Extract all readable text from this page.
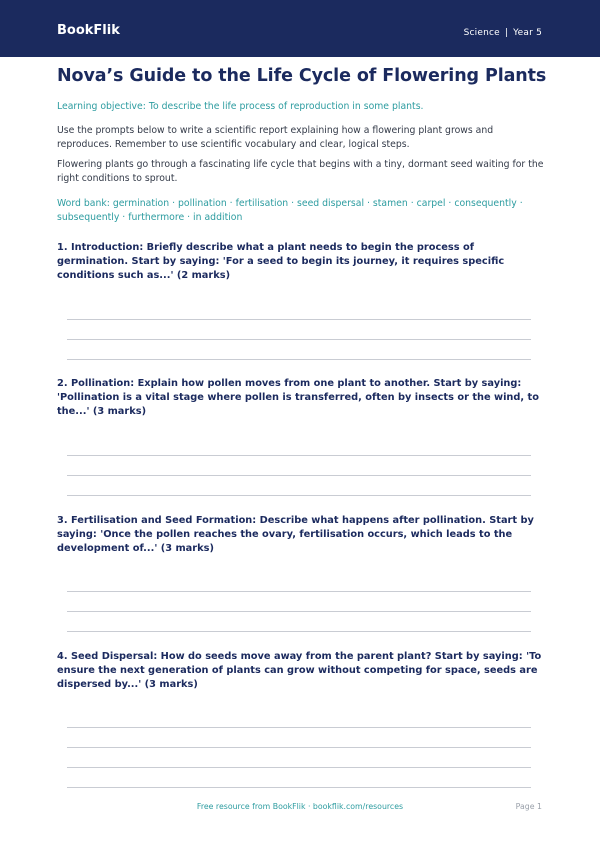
BookFlik	Science | Year 5
Nova’s Guide to the Life Cycle of Flowering Plants

Learning objective: To describe the life process of reproduction in some plants.

Use the prompts below to write a scientific report explaining how a flowering plant grows and reproduces. Remember to use scientific vocabulary and clear, logical steps.

Flowering plants go through a fascinating life cycle that begins with a tiny, dormant seed waiting for the right conditions to sprout.

Word bank: germination · pollination · fertilisation · seed dispersal · stamen · carpel · consequently · subsequently · furthermore · in addition

1. Introduction: Briefly describe what a plant needs to begin the process of germination. Start by saying: 'For a seed to begin its journey, it requires specific conditions such as...' (2 marks)

2. Pollination: Explain how pollen moves from one plant to another. Start by saying: 'Pollination is a vital stage where pollen is transferred, often by insects or the wind, to the...' (3 marks)

3. Fertilisation and Seed Formation: Describe what happens after pollination. Start by saying: 'Once the pollen reaches the ovary, fertilisation occurs, which leads to the development of...' (3 marks)

4. Seed Dispersal: How do seeds move away from the parent plant? Start by saying: 'To ensure the next generation of plants can grow without competing for space, seeds are dispersed by...' (3 marks)

Free resource from BookFlik · bookflik.com/resources	Page 1
